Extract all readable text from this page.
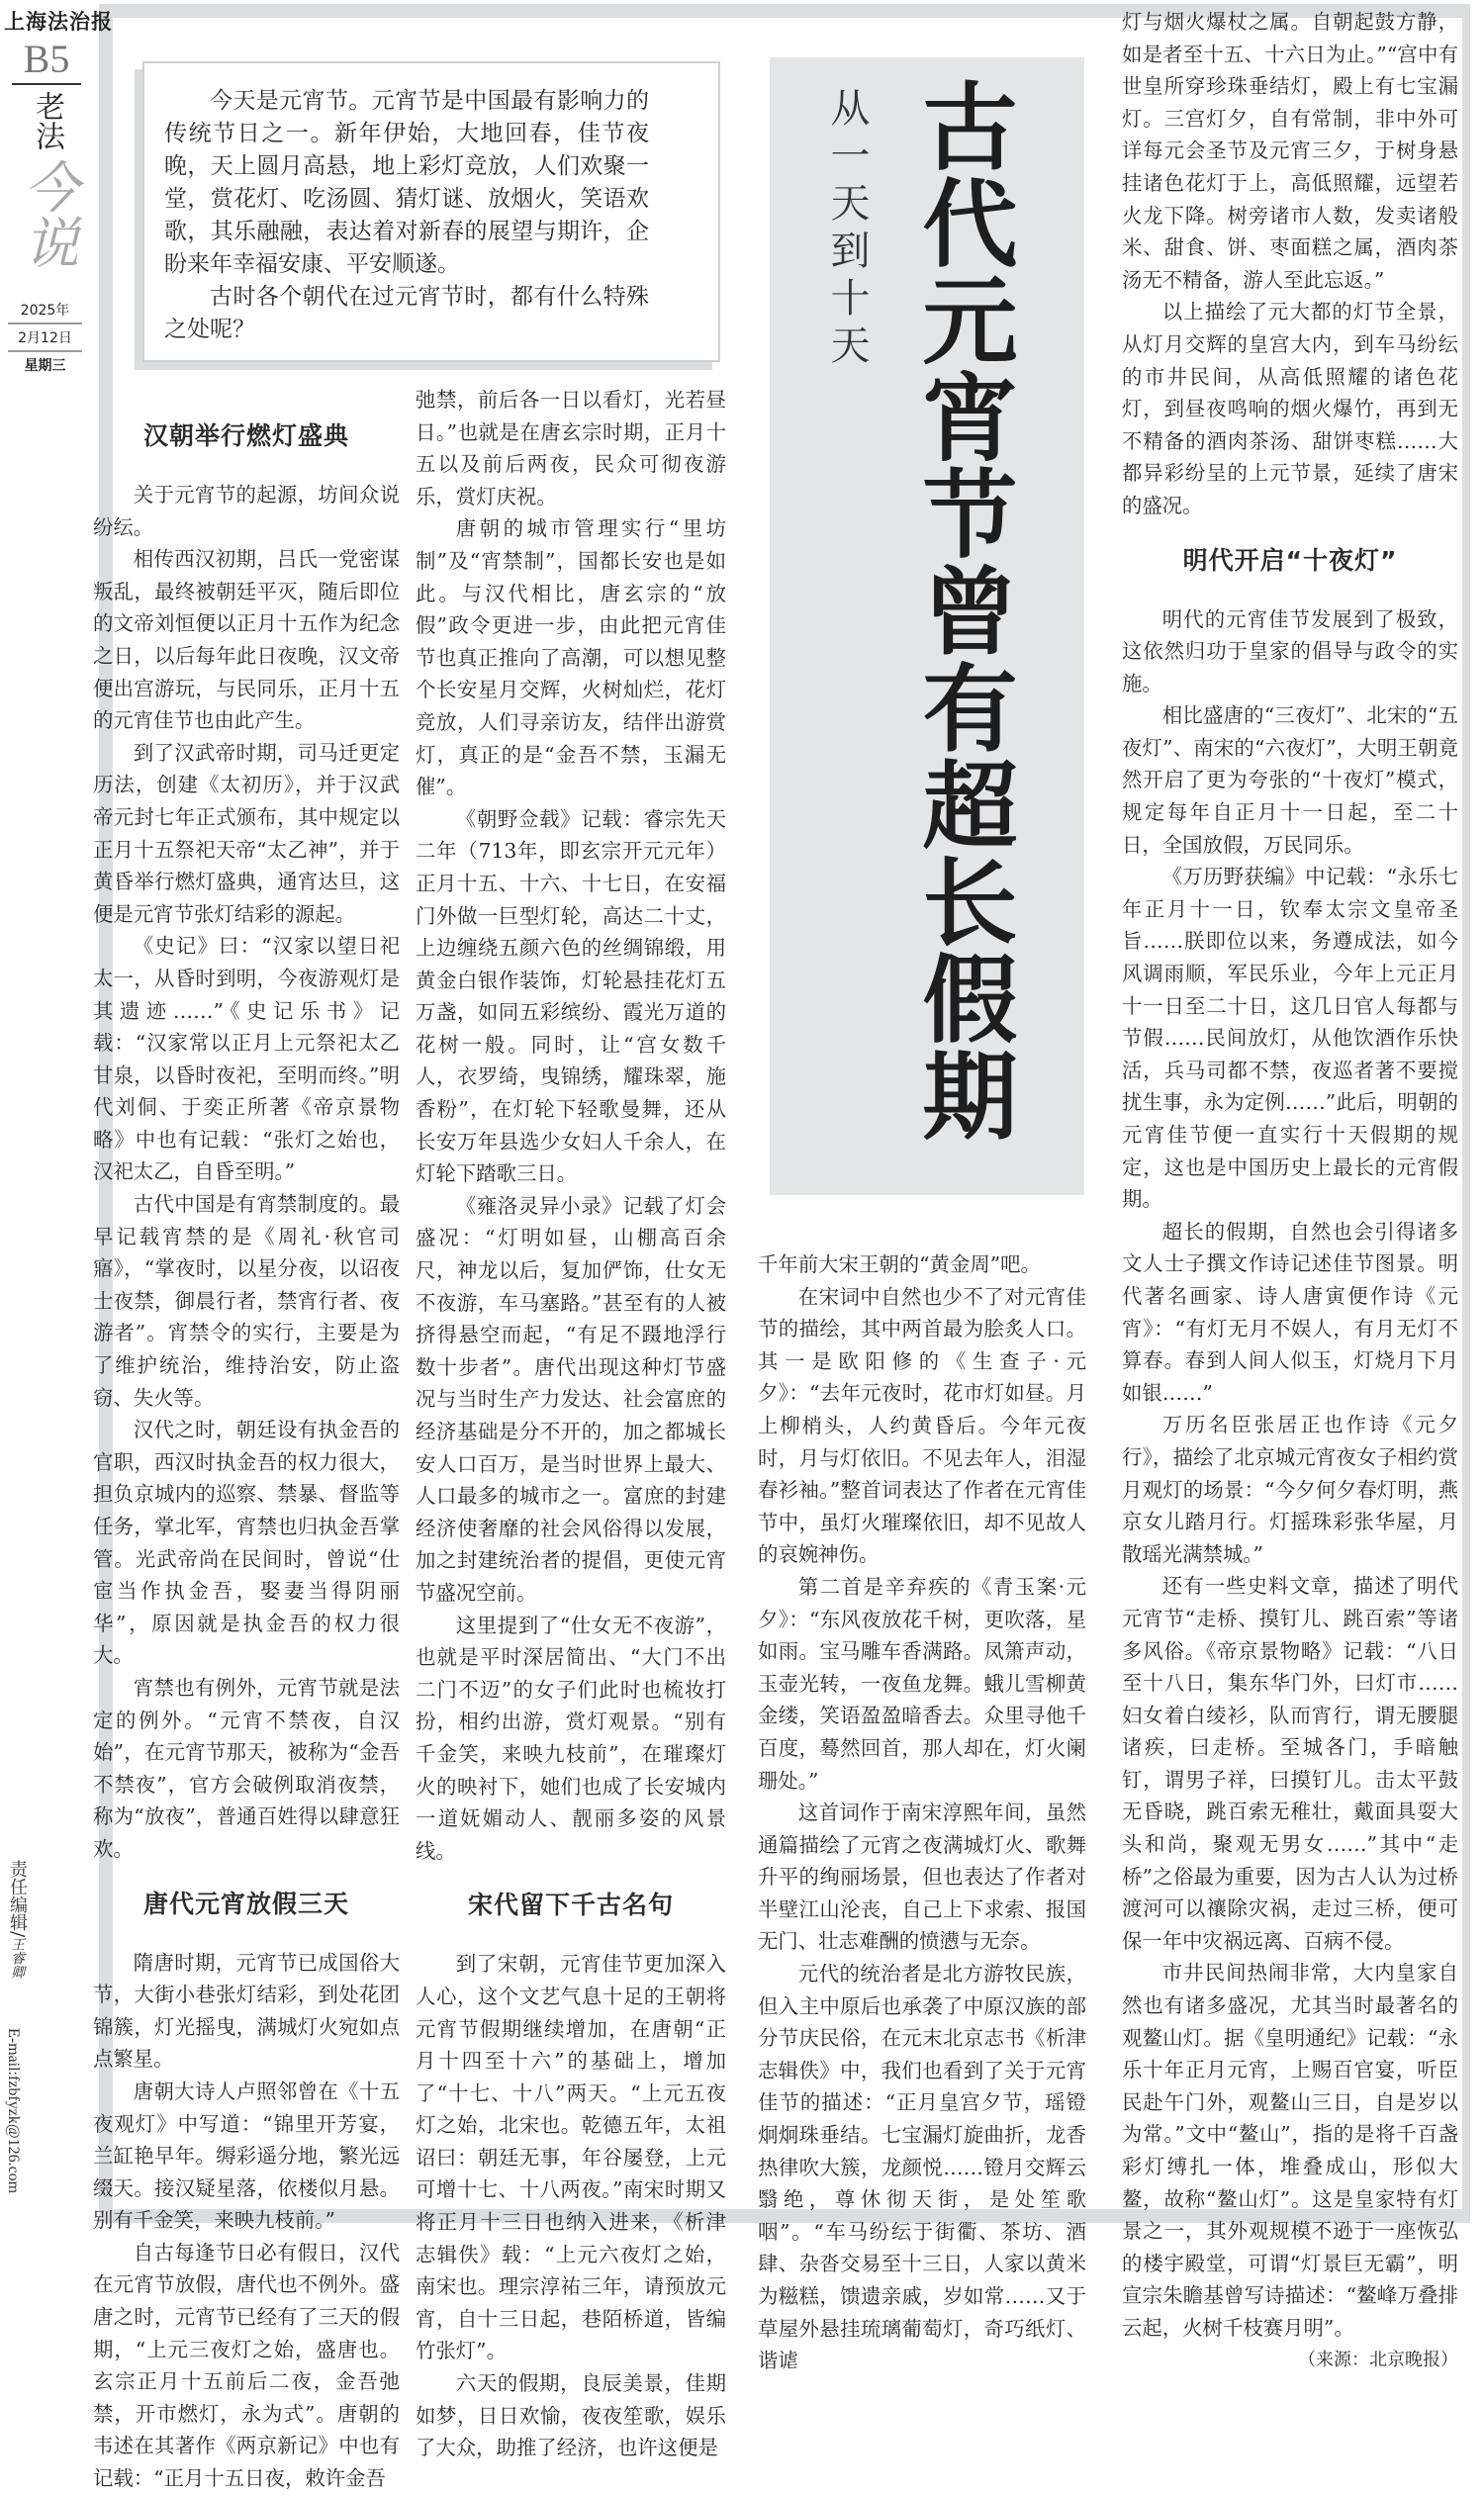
上海法治报
B5
老法
今说
2025年
2月12日
星期三
责任编辑/王睿卿
E-mail:fzbfyzk@126.com

今天是元宵节。元宵节是中国最有影响力的传统节日之一。新年伊始，大地回春，佳节夜晚，天上圆月高悬，地上彩灯竞放，人们欢聚一堂，赏花灯、吃汤圆、猜灯谜、放烟火，笑语欢歌，其乐融融，表达着对新春的展望与期许，企盼来年幸福安康、平安顺遂。

古时各个朝代在过元宵节时，都有什么特殊之处呢？	从一天到十天 古代元宵节曾有超长假期
汉朝举行燃灯盛典

关于元宵节的起源，坊间众说纷纭。

相传西汉初期，吕氏一党密谋叛乱，最终被朝廷平灭，随后即位的文帝刘恒便以正月十五作为纪念之日，以后每年此日夜晚，汉文帝便出宫游玩，与民同乐，正月十五的元宵佳节也由此产生。

到了汉武帝时期，司马迁更定历法，创建《太初历》，并于汉武帝元封七年正式颁布，其中规定以正月十五祭祀天帝“太乙神”，并于黄昏举行燃灯盛典，通宵达旦，这便是元宵节张灯结彩的源起。

《史记》曰：“汉家以望日祀太一，从昏时到明，今夜游观灯是其遗迹……”《史记乐书》记载：“汉家常以正月上元祭祀太乙甘泉，以昏时夜祀，至明而终。”明代刘侗、于奕正所著《帝京景物略》中也有记载：“张灯之始也，汉祀太乙，自昏至明。”

古代中国是有宵禁制度的。最早记载宵禁的是《周礼·秋官司寤》，“掌夜时，以星分夜，以诏夜士夜禁，御晨行者，禁宵行者、夜游者”。宵禁令的实行，主要是为了维护统治，维持治安，防止盗窃、失火等。

汉代之时，朝廷设有执金吾的官职，西汉时执金吾的权力很大，担负京城内的巡察、禁暴、督监等任务，掌北军，宵禁也归执金吾掌管。光武帝尚在民间时，曾说“仕宦当作执金吾，娶妻当得阴丽华”，原因就是执金吾的权力很大。

宵禁也有例外，元宵节就是法定的例外。“元宵不禁夜，自汉始”，在元宵节那天，被称为“金吾不禁夜”，官方会破例取消夜禁，称为“放夜”，普通百姓得以肆意狂欢。

唐代元宵放假三天

隋唐时期，元宵节已成国俗大节，大街小巷张灯结彩，到处花团锦簇，灯光摇曳，满城灯火宛如点点繁星。

唐朝大诗人卢照邻曾在《十五夜观灯》中写道：“锦里开芳宴，兰缸艳早年。缛彩遥分地，繁光远缀天。接汉疑星落，依楼似月悬。别有千金笑，来映九枝前。”

自古每逢节日必有假日，汉代在元宵节放假，唐代也不例外。盛唐之时，元宵节已经有了三天的假期，“上元三夜灯之始，盛唐也。玄宗正月十五前后二夜，金吾弛禁，开市燃灯，永为式”。唐朝的韦述在其著作《两京新记》中也有记载：“正月十五日夜，敕许金吾

弛禁，前后各一日以看灯，光若昼日。”也就是在唐玄宗时期，正月十五以及前后两夜，民众可彻夜游乐，赏灯庆祝。

唐朝的城市管理实行“里坊制”及“宵禁制”，国都长安也是如此。与汉代相比，唐玄宗的“放假”政令更进一步，由此把元宵佳节也真正推向了高潮，可以想见整个长安星月交辉，火树灿烂，花灯竞放，人们寻亲访友，结伴出游赏灯，真正的是“金吾不禁，玉漏无催”。

《朝野佥载》记载：睿宗先天二年（713年，即玄宗开元元年）正月十五、十六、十七日，在安福门外做一巨型灯轮，高达二十丈，上边缠绕五颜六色的丝绸锦缎，用黄金白银作装饰，灯轮悬挂花灯五万盏，如同五彩缤纷、霞光万道的花树一般。同时，让“宫女数千人，衣罗绮，曳锦绣，耀珠翠，施香粉”，在灯轮下轻歌曼舞，还从长安万年县选少女妇人千余人，在灯轮下踏歌三日。

《雍洛灵异小录》记载了灯会盛况：“灯明如昼，山棚高百余尺，神龙以后，复加俨饰，仕女无不夜游，车马塞路。”甚至有的人被挤得悬空而起，“有足不蹑地浮行数十步者”。唐代出现这种灯节盛况与当时生产力发达、社会富庶的经济基础是分不开的，加之都城长安人口百万，是当时世界上最大、人口最多的城市之一。富庶的封建经济使奢靡的社会风俗得以发展，加之封建统治者的提倡，更使元宵节盛况空前。

这里提到了“仕女无不夜游”，也就是平时深居简出、“大门不出二门不迈”的女子们此时也梳妆打扮，相约出游，赏灯观景。“别有千金笑，来映九枝前”，在璀璨灯火的映衬下，她们也成了长安城内一道妩媚动人、靓丽多姿的风景线。

宋代留下千古名句

到了宋朝，元宵佳节更加深入人心，这个文艺气息十足的王朝将元宵节假期继续增加，在唐朝“正月十四至十六”的基础上，增加了“十七、十八”两天。“上元五夜灯之始，北宋也。乾德五年，太祖诏曰：朝廷无事，年谷屡登，上元可增十七、十八两夜。”南宋时期又将正月十三日也纳入进来，《析津志辑佚》载：“上元六夜灯之始，南宋也。理宗淳祐三年，请预放元宵，自十三日起，巷陌桥道，皆编竹张灯”。

六天的假期，良辰美景，佳期如梦，日日欢愉，夜夜笙歌，娱乐了大众，助推了经济，也许这便是

千年前大宋王朝的“黄金周”吧。

在宋词中自然也少不了对元宵佳节的描绘，其中两首最为脍炙人口。其一是欧阳修的《生查子·元夕》：“去年元夜时，花市灯如昼。月上柳梢头，人约黄昏后。今年元夜时，月与灯依旧。不见去年人，泪湿春衫袖。”整首词表达了作者在元宵佳节中，虽灯火璀璨依旧，却不见故人的哀婉神伤。

第二首是辛弃疾的《青玉案·元夕》：“东风夜放花千树，更吹落，星如雨。宝马雕车香满路。凤箫声动，玉壶光转，一夜鱼龙舞。蛾儿雪柳黄金缕，笑语盈盈暗香去。众里寻他千百度，蓦然回首，那人却在，灯火阑珊处。”

这首词作于南宋淳熙年间，虽然通篇描绘了元宵之夜满城灯火、歌舞升平的绚丽场景，但也表达了作者对半壁江山沦丧，自己上下求索、报国无门、壮志难酬的愤懑与无奈。

元代的统治者是北方游牧民族，但入主中原后也承袭了中原汉族的部分节庆民俗，在元末北京志书《析津志辑佚》中，我们也看到了关于元宵佳节的描述：“正月皇宫夕节，瑶镫炯炯珠垂结。七宝漏灯旋曲折，龙香热律吹大簇，龙颜悦……镫月交辉云翳绝，尊休彻天街，是处笙歌咽”。“车马纷纭于街衢、茶坊、酒肆、杂沓交易至十三日，人家以黄米为糍糕，馈遗亲戚，岁如常……又于草屋外悬挂琉璃葡萄灯，奇巧纸灯、谐谑

灯与烟火爆杖之属。自朝起鼓方静，如是者至十五、十六日为止。”“宫中有世皇所穿珍珠垂结灯，殿上有七宝漏灯。三宫灯夕，自有常制，非中外可详每元会圣节及元宵三夕，于树身悬挂诸色花灯于上，高低照耀，远望若火龙下降。树旁诸市人数，发卖诸般米、甜食、饼、枣面糕之属，酒肉茶汤无不精备，游人至此忘返。”

以上描绘了元大都的灯节全景，从灯月交辉的皇宫大内，到车马纷纭的市井民间，从高低照耀的诸色花灯，到昼夜鸣响的烟火爆竹，再到无不精备的酒肉茶汤、甜饼枣糕……大都异彩纷呈的上元节景，延续了唐宋的盛况。

明代开启“十夜灯”

明代的元宵佳节发展到了极致，这依然归功于皇家的倡导与政令的实施。

相比盛唐的“三夜灯”、北宋的“五夜灯”、南宋的“六夜灯”，大明王朝竟然开启了更为夸张的“十夜灯”模式，规定每年自正月十一日起，至二十日，全国放假，万民同乐。

《万历野获编》中记载：“永乐七年正月十一日，钦奉太宗文皇帝圣旨……朕即位以来，务遵成法，如今风调雨顺，军民乐业，今年上元正月十一日至二十日，这几日官人每都与节假……民间放灯，从他饮酒作乐快活，兵马司都不禁，夜巡者著不要搅扰生事，永为定例……”此后，明朝的元宵佳节便一直实行十天假期的规定，这也是中国历史上最长的元宵假期。

超长的假期，自然也会引得诸多文人士子撰文作诗记述佳节图景。明代著名画家、诗人唐寅便作诗《元宵》：“有灯无月不娱人，有月无灯不算春。春到人间人似玉，灯烧月下月如银……”

万历名臣张居正也作诗《元夕行》，描绘了北京城元宵夜女子相约赏月观灯的场景：“今夕何夕春灯明，燕京女儿踏月行。灯摇珠彩张华屋，月散瑶光满禁城。”

还有一些史料文章，描述了明代元宵节“走桥、摸钉儿、跳百索”等诸多风俗。《帝京景物略》记载：“八日至十八日，集东华门外，曰灯市……妇女着白绫衫，队而宵行，谓无腰腿诸疾，曰走桥。至城各门，手暗触钉，谓男子祥，曰摸钉儿。击太平鼓无昏晓，跳百索无稚壮，戴面具耍大头和尚，聚观无男女……”其中“走桥”之俗最为重要，因为古人认为过桥渡河可以禳除灾祸，走过三桥，便可保一年中灾祸远离、百病不侵。

市井民间热闹非常，大内皇家自然也有诸多盛况，尤其当时最著名的观鳌山灯。据《皇明通纪》记载：“永乐十年正月元宵，上赐百官宴，听臣民赴午门外，观鳌山三日，自是岁以为常。”文中“鳌山”，指的是将千百盏彩灯缚扎一体，堆叠成山，形似大鳌，故称“鳌山灯”。这是皇家特有灯景之一，其外观规模不逊于一座恢弘的楼宇殿堂，可谓“灯景巨无霸”，明宣宗朱瞻基曾写诗描述：“鳌峰万叠排云起，火树千枝赛月明”。

（来源：北京晚报）
